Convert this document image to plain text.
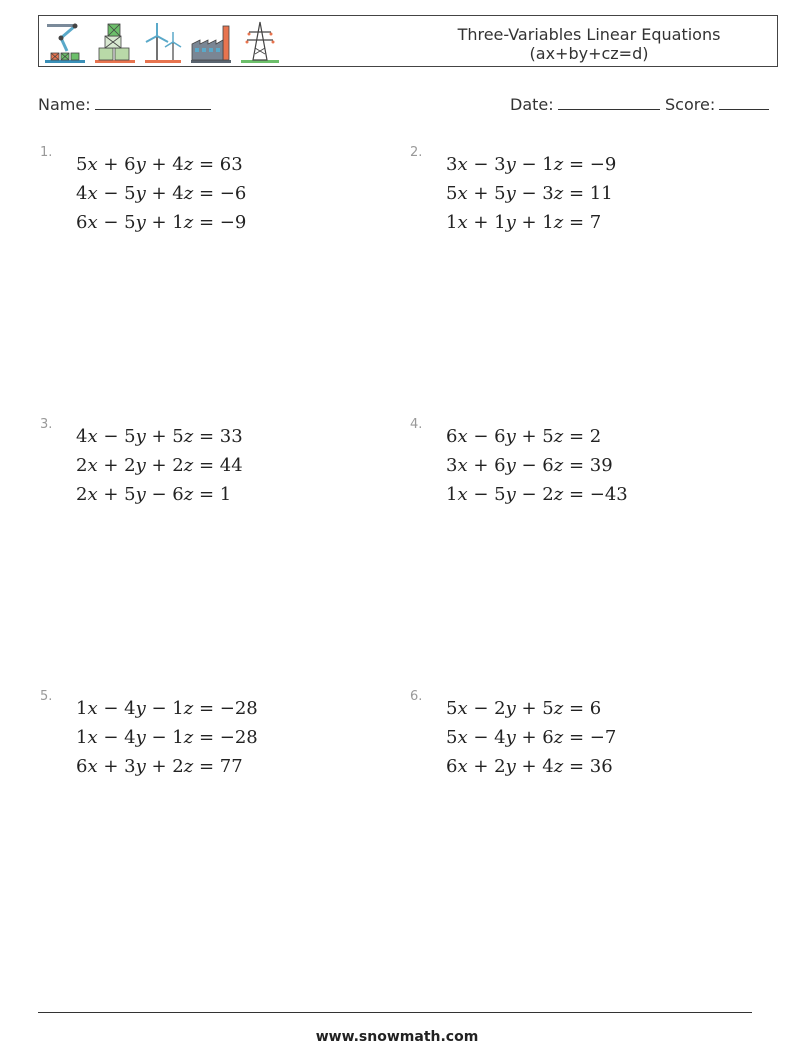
Three-Variables Linear Equations
(ax+by+cz=d)
Name:	Date:	Score:
1.
5x + 6y + 4z = 63
4x − 5y + 4z = −6
6x − 5y + 1z = −9
2.
3x − 3y − 1z = −9
5x + 5y − 3z = 11
1x + 1y + 1z = 7
3.
4x − 5y + 5z = 33
2x + 2y + 2z = 44
2x + 5y − 6z = 1
4.
6x − 6y + 5z = 2
3x + 6y − 6z = 39
1x − 5y − 2z = −43
5.
1x − 4y − 1z = −28
1x − 4y − 1z = −28
6x + 3y + 2z = 77
6.
5x − 2y + 5z = 6
5x − 4y + 6z = −7
6x + 2y + 4z = 36
www.snowmath.com
